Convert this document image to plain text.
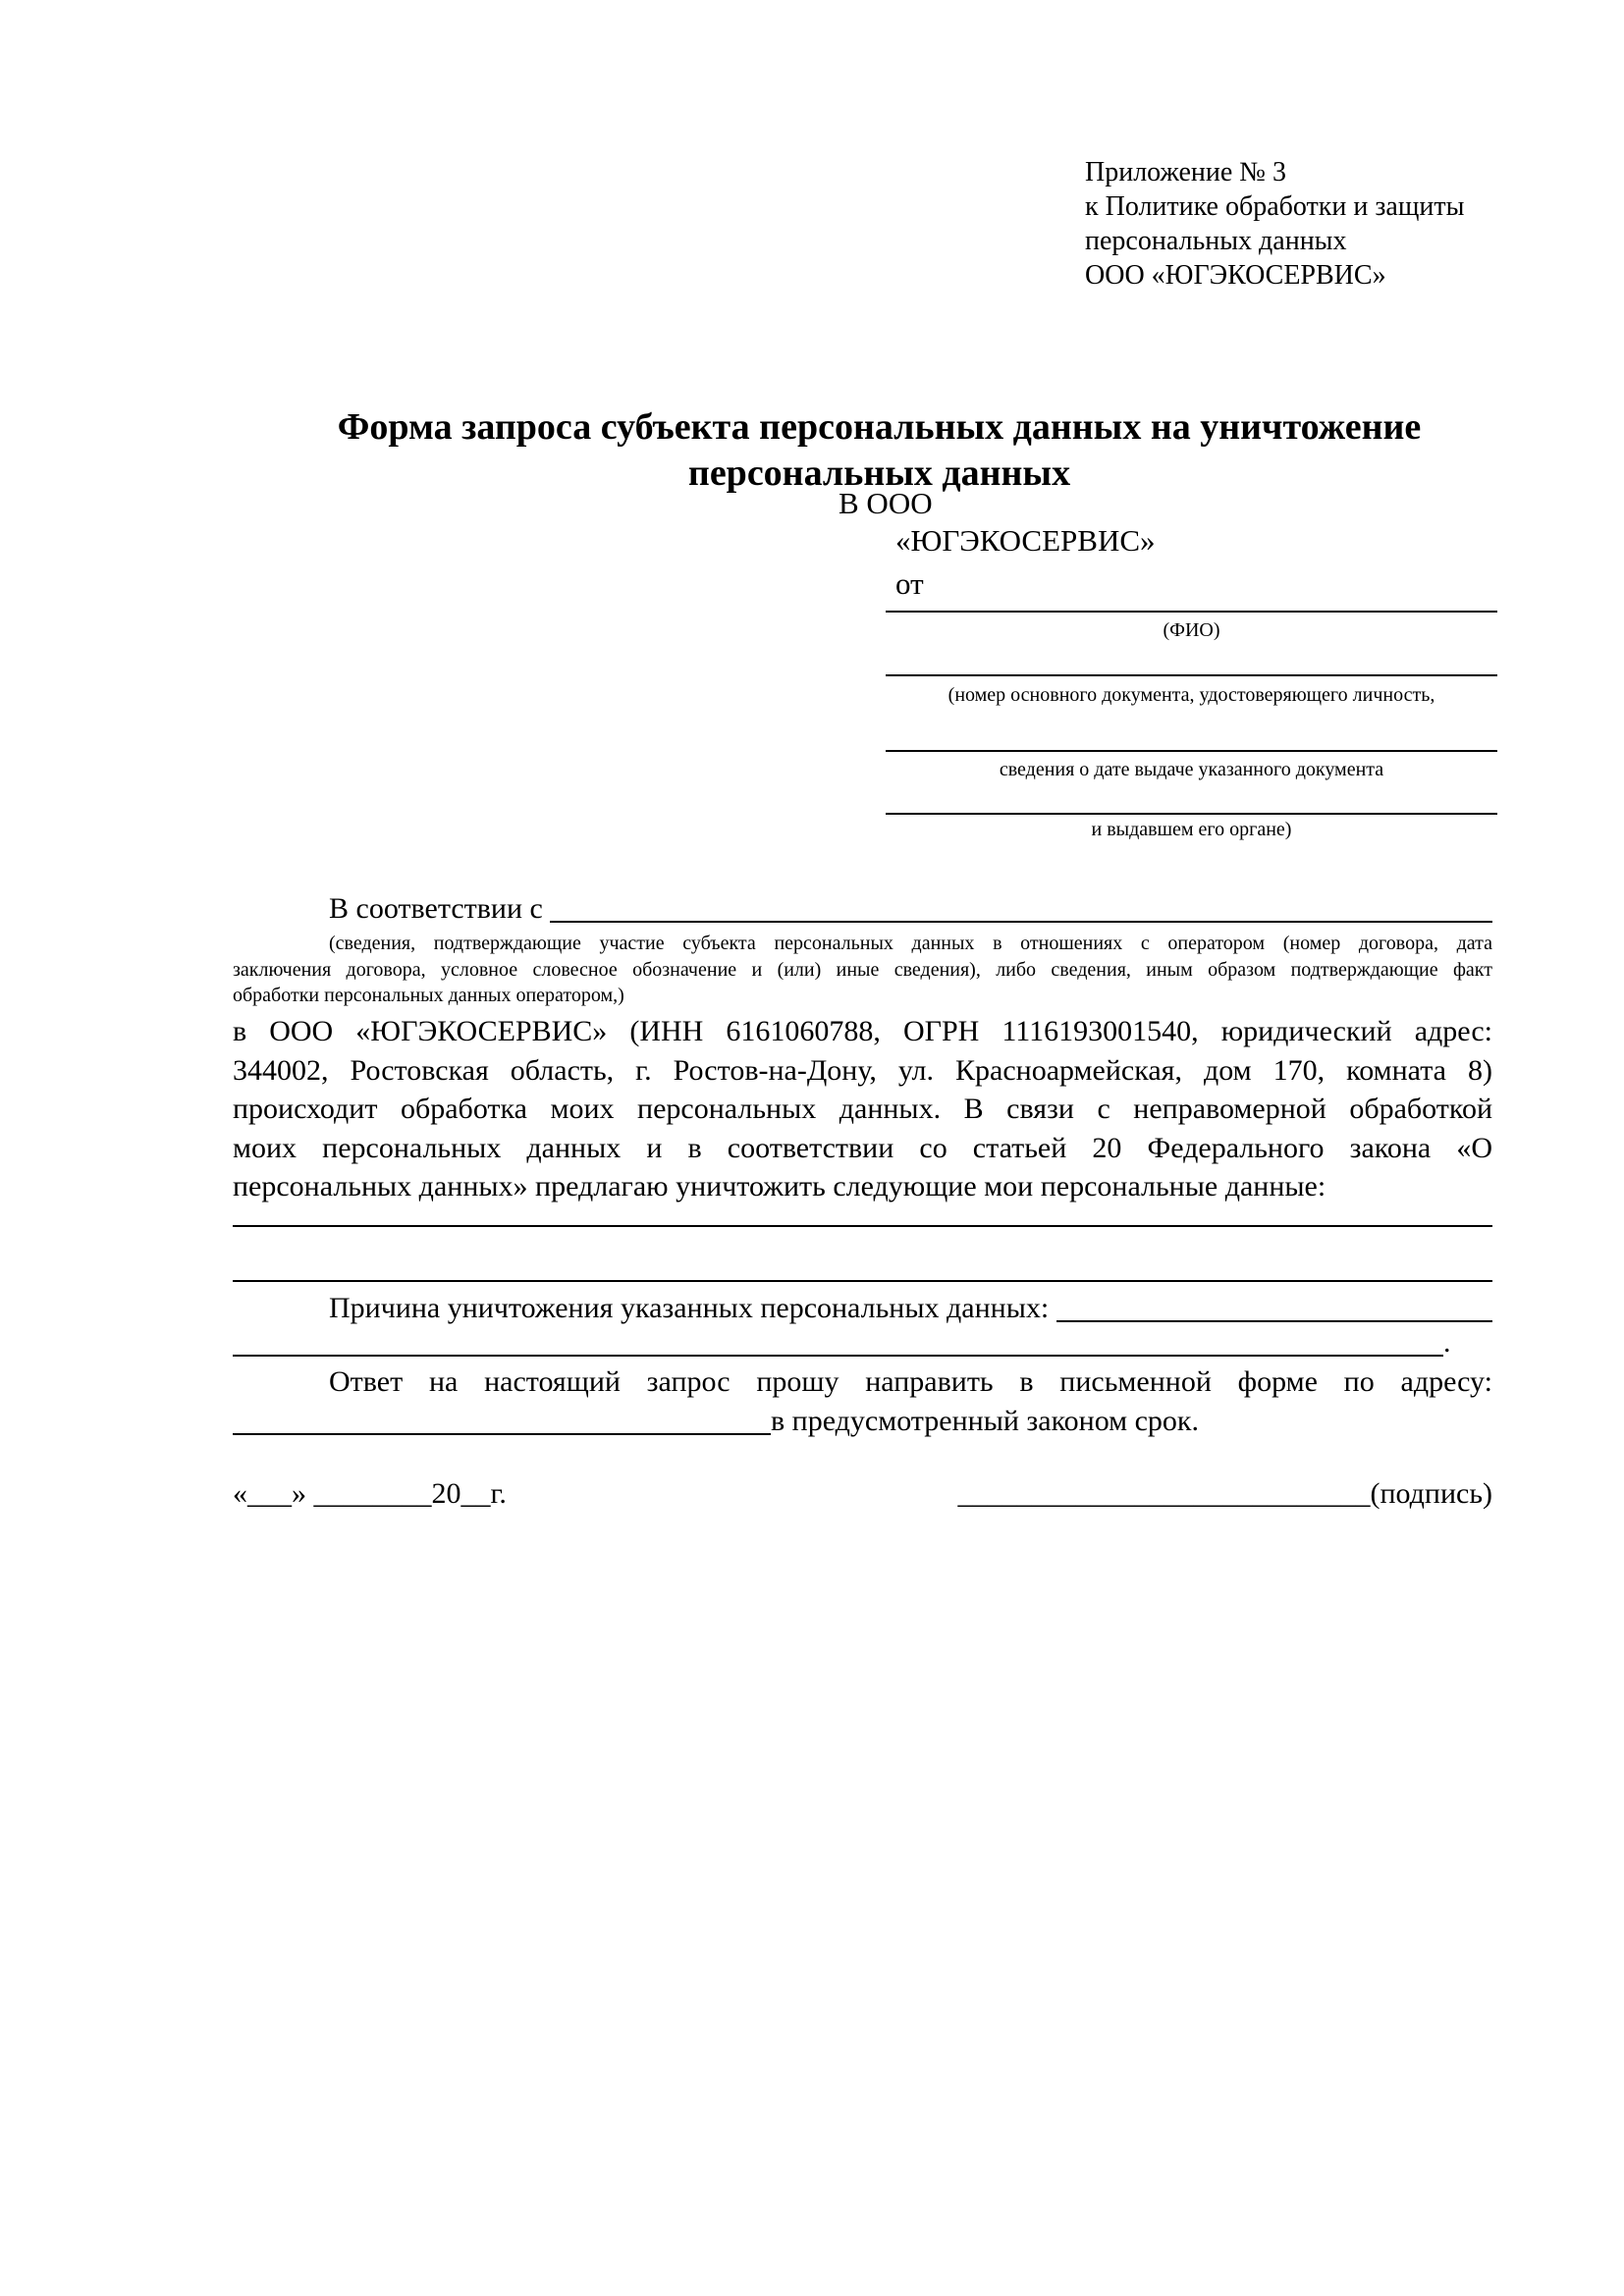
Приложение № 3
к Политике обработки и защиты
персональных данных
ООО «ЮГЭКОСЕРВИС»
Форма запроса субъекта персональных данных на уничтожение
персональных данных
В ООО
«ЮГЭКОСЕРВИС»
от
(ФИО)
(номер основного документа, удостоверяющего личность,
сведения о дате выдаче указанного документа
и выдавшем его органе)
В соответствии с
(сведения, подтверждающие участие субъекта персональных данных в отношениях с оператором (номер договора, дата
заключения договора, условное словесное обозначение и (или) иные сведения), либо сведения, иным образом подтверждающие факт
обработки персональных данных оператором,)
в ООО «ЮГЭКОСЕРВИС» (ИНН 6161060788, ОГРН 1116193001540, юридический адрес:
344002, Ростовская область, г. Ростов-на-Дону, ул. Красноармейская, дом 170, комната 8)
происходит обработка моих персональных данных. В связи с неправомерной обработкой
моих персональных данных и в соответствии со статьей 20 Федерального закона «О
персональных данных» предлагаю уничтожить следующие мои персональные данные:
Причина уничтожения указанных персональных данных:
.
Ответ на настоящий запрос прошу направить в письменной форме по адресу:
в предусмотренный законом срок.
«___» ________20__г.	____________________________(подпись)
